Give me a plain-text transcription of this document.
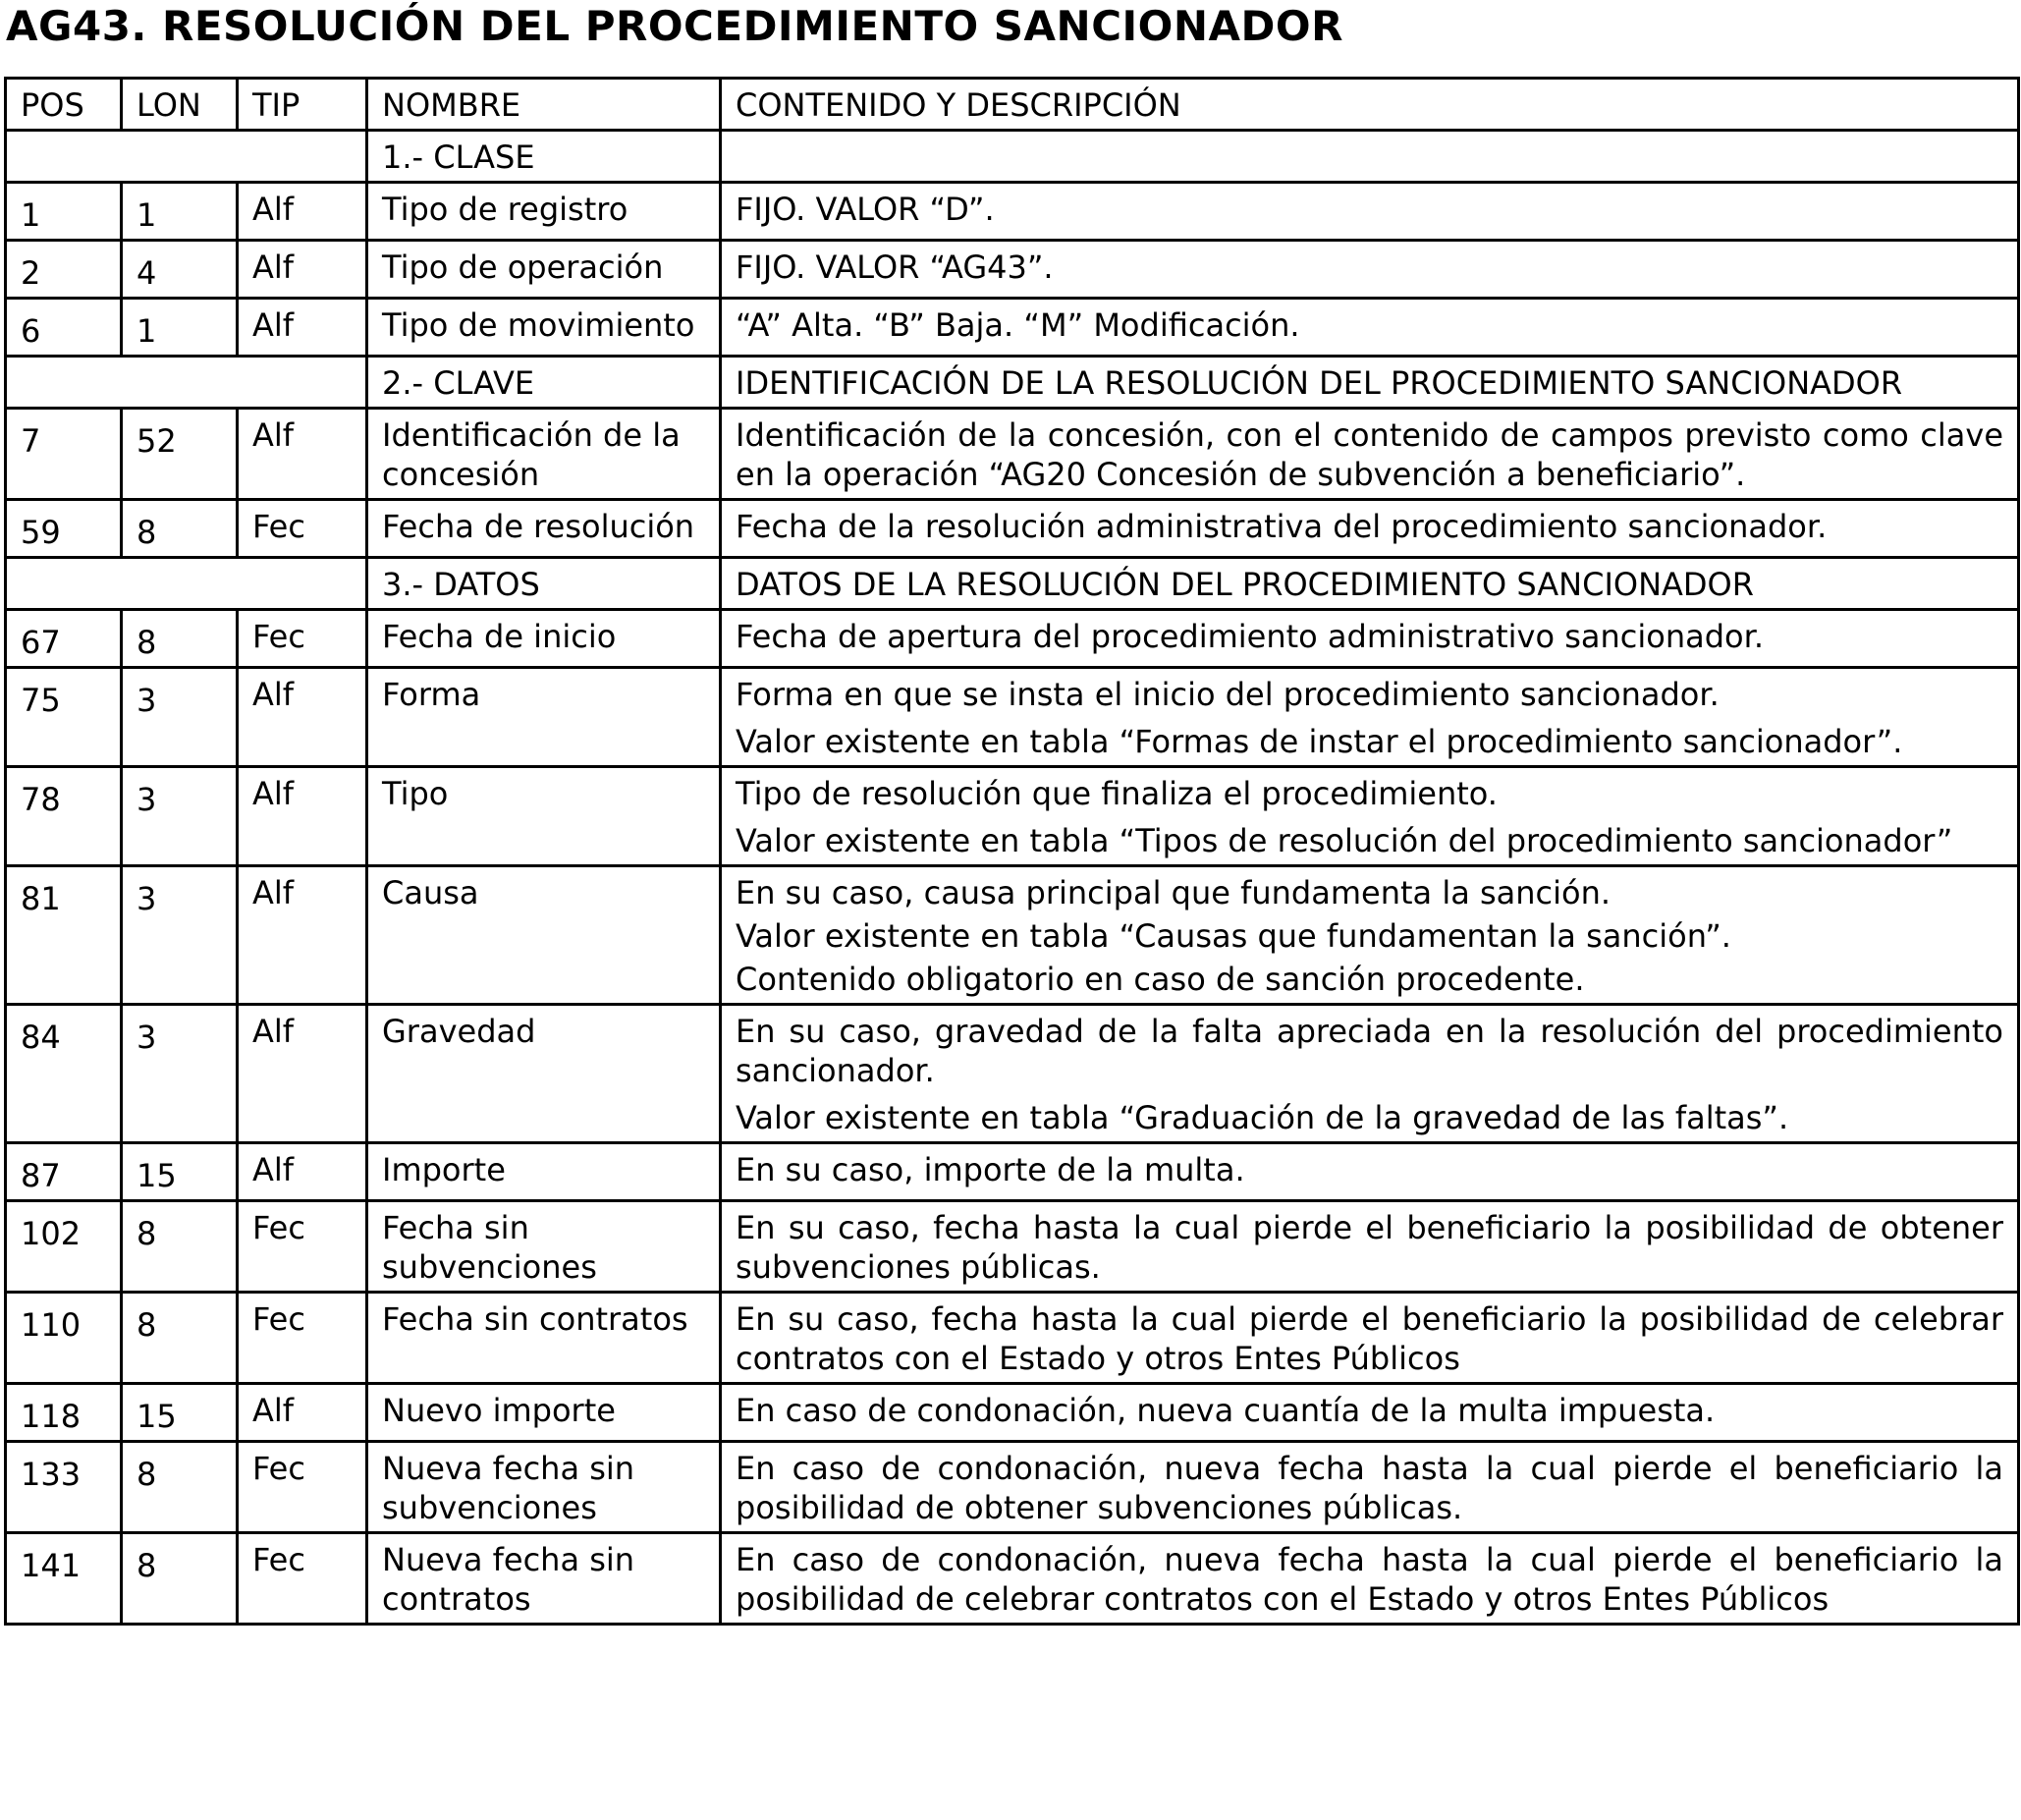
AG43. RESOLUCIÓN DEL PROCEDIMIENTO SANCIONADOR
POS	LON	TIP	NOMBRE	CONTENIDO Y DESCRIPCIÓN
			1.- CLASE	

1	1	Alf	Tipo de registro	FIJO. VALOR “D”.

2	4	Alf	Tipo de operación	FIJO. VALOR “AG43”.

6	1	Alf	Tipo de movimiento	“A” Alta. “B” Baja. “M” Modificación.

			2.- CLAVE	IDENTIFICACIÓN DE LA RESOLUCIÓN DEL PROCEDIMIENTO SANCIONADOR

7	52	Alf	Identificación de la concesión	Identificación de la concesión, con el contenido de campos previsto como clave en la operación “AG20 Concesión de subvención a beneficiario”.

59	8	Fec	Fecha de resolución	Fecha de la resolución administrativa del procedimiento sancionador.

			3.- DATOS	DATOS DE LA RESOLUCIÓN DEL PROCEDIMIENTO SANCIONADOR

67	8	Fec	Fecha de inicio	Fecha de apertura del procedimiento administrativo sancionador.

75	3	Alf	Forma	Forma en que se insta el inicio del procedimiento sancionador.
Valor existente en tabla “Formas de instar el procedimiento sancionador”.

78	3	Alf	Tipo	Tipo de resolución que finaliza el procedimiento.
Valor existente en tabla “Tipos de resolución del procedimiento sancionador”

81	3	Alf	Causa	En su caso, causa principal que fundamenta la sanción.
Valor existente en tabla “Causas que fundamentan la sanción”.
Contenido obligatorio en caso de sanción procedente.

84	3	Alf	Gravedad	En su caso, gravedad de la falta apreciada en la resolución del procedimiento sancionador.
Valor existente en tabla “Graduación de la gravedad de las faltas”.

87	15	Alf	Importe	En su caso, importe de la multa.

102	8	Fec	Fecha sin subvenciones	En su caso, fecha hasta la cual pierde el beneficiario la posibilidad de obtener subvenciones públicas.

110	8	Fec	Fecha sin contratos	En su caso, fecha hasta la cual pierde el beneficiario la posibilidad de celebrar contratos con el Estado y otros Entes Públicos

118	15	Alf	Nuevo importe	En caso de condonación, nueva cuantía de la multa impuesta.

133	8	Fec	Nueva fecha sin subvenciones	En caso de condonación, nueva fecha hasta la cual pierde el beneficiario la posibilidad de obtener subvenciones públicas.

141	8	Fec	Nueva fecha sin contratos	En caso de condonación, nueva fecha hasta la cual pierde el beneficiario la posibilidad de celebrar contratos con el Estado y otros Entes Públicos
